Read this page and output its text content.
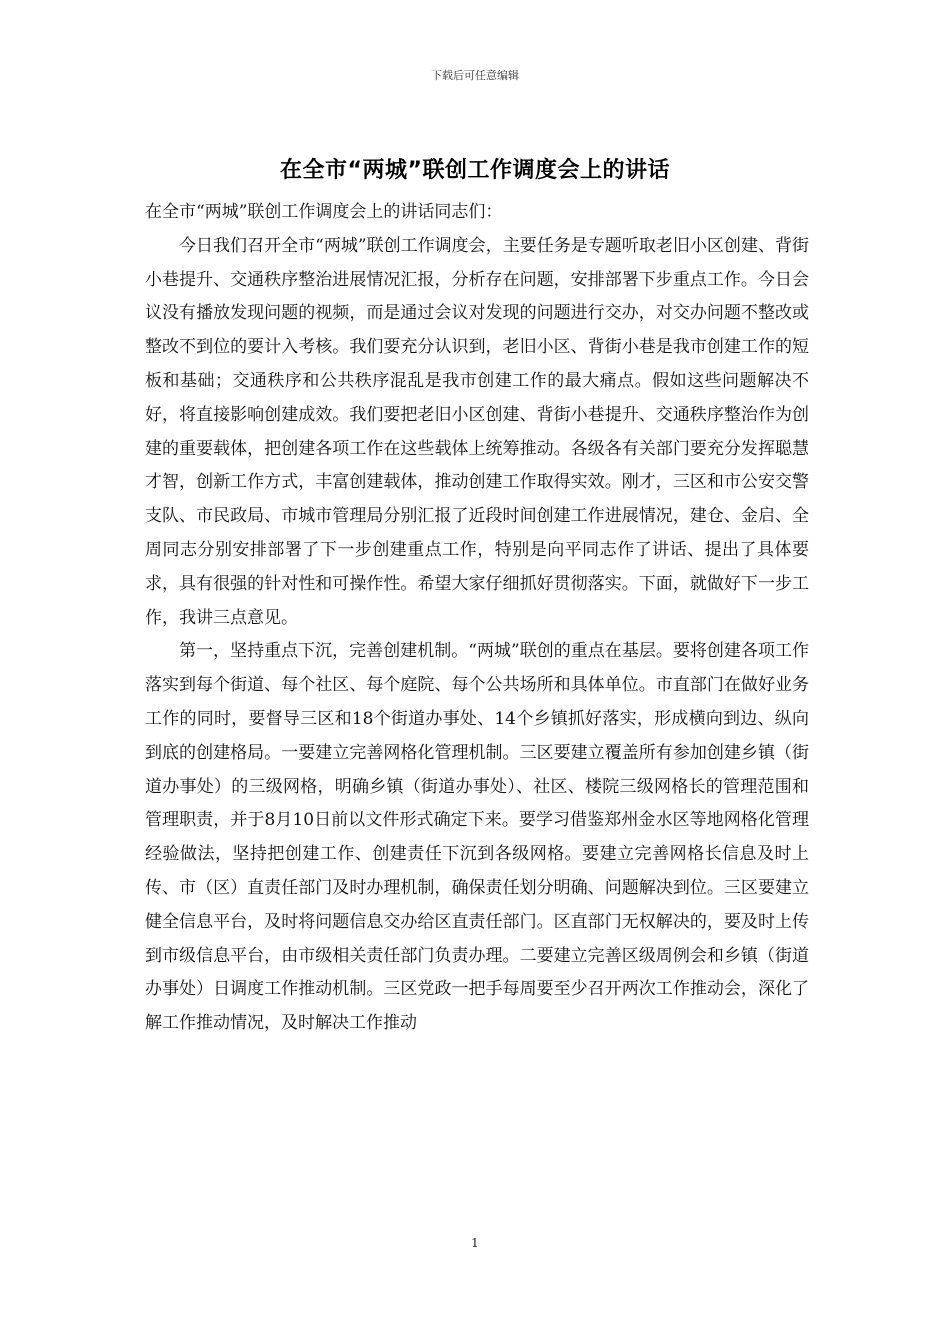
下载后可任意编辑
在全市“两城”联创工作调度会上的讲话

在全市“两城”联创工作调度会上的讲话同志们：

今日我们召开全市“两城”联创工作调度会，主要任务是专题听取老旧小区创建、背街小巷提升、交通秩序整治进展情况汇报，分析存在问题，安排部署下步重点工作。今日会议没有播放发现问题的视频，而是通过会议对发现的问题进行交办，对交办问题不整改或整改不到位的要计入考核。我们要充分认识到，老旧小区、背街小巷是我市创建工作的短板和基础；交通秩序和公共秩序混乱是我市创建工作的最大痛点。假如这些问题解决不好，将直接影响创建成效。我们要把老旧小区创建、背街小巷提升、交通秩序整治作为创建的重要载体，把创建各项工作在这些载体上统筹推动。各级各有关部门要充分发挥聪慧才智，创新工作方式，丰富创建载体，推动创建工作取得实效。刚才，三区和市公安交警支队、市民政局、市城市管理局分别汇报了近段时间创建工作进展情况，建仓、金启、全周同志分别安排部署了下一步创建重点工作，特别是向平同志作了讲话、提出了具体要求，具有很强的针对性和可操作性。希望大家仔细抓好贯彻落实。下面，就做好下一步工作，我讲三点意见。

第一，坚持重点下沉，完善创建机制。“两城”联创的重点在基层。要将创建各项工作落实到每个街道、每个社区、每个庭院、每个公共场所和具体单位。市直部门在做好业务工作的同时，要督导三区和18个街道办事处、14个乡镇抓好落实，形成横向到边、纵向到底的创建格局。一要建立完善网格化管理机制。三区要建立覆盖所有参加创建乡镇（街道办事处）的三级网格，明确乡镇（街道办事处）、社区、楼院三级网格长的管理范围和管理职责，并于8月10日前以文件形式确定下来。要学习借鉴郑州金水区等地网格化管理经验做法，坚持把创建工作、创建责任下沉到各级网格。要建立完善网格长信息及时上传、市（区）直责任部门及时办理机制，确保责任划分明确、问题解决到位。三区要建立健全信息平台，及时将问题信息交办给区直责任部门。区直部门无权解决的，要及时上传到市级信息平台，由市级相关责任部门负责办理。二要建立完善区级周例会和乡镇（街道办事处）日调度工作推动机制。三区党政一把手每周要至少召开两次工作推动会，深化了解工作推动情况，及时解决工作推动

1
